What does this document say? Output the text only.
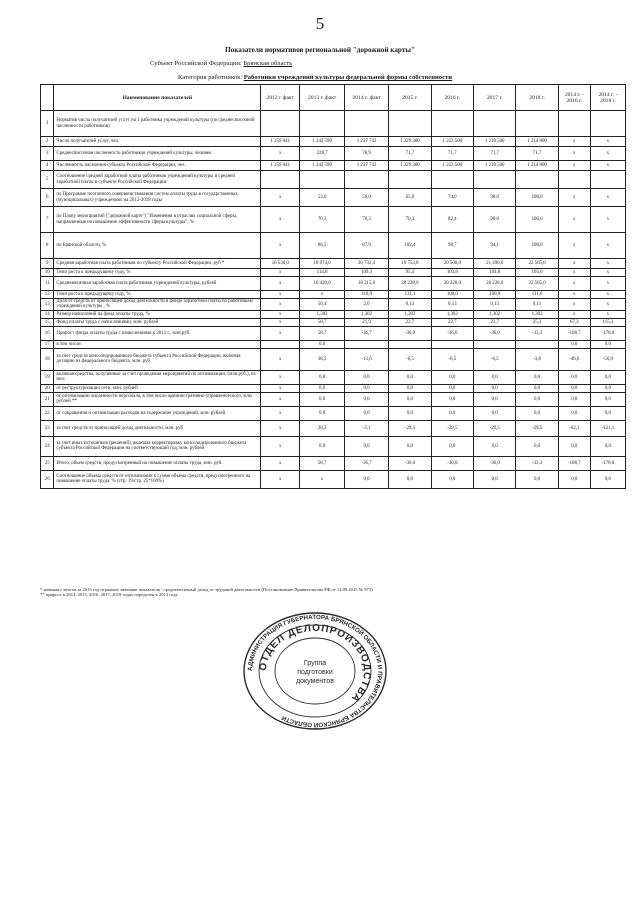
5
Показатели нормативов региональной "дорожной карты"
Субъект Российской Федерации: Брянская область
Категория работников: Работники учреждений культуры федеральной формы собственности
	Наименование показателей	2012 г факт	2013 г. факт	2014 г. факт	2015 г.	2016 г.	2017 г.	2018 г.	2014 г. - 2016 г.	2014 г. - 2018 г.
1	Норматив числа получателей услуг на 1 работника учреждений культуры (по среднесписочной численности работников)									
2	Число получателей услуг, чел.	1 259 041	1 242 599	1 237 742	1 229 300	1 223 500	1 218 500	1 214 800	х	х
3	Среднесписочная численность работников учреждений культуры, человек	х	228,7	76,9	71,7	71,7	71,7	71,7	х	х
4	Численность населения субъекта Российской Федерации, чел.	1 259 041	1 242 599	1 237 742	1 229 300	1 223 500	1 218 500	1 214 800	х	х
5	Соотношение средней заработной платы работников учреждений культуры и средней заработной платы в субъекте Российской Федерации:									
6	по Программе поэтапного совершенствования систем оплаты труда в государственных (муниципальных) учреждениях на 2012-2018 годы	х	53,0	59,0	65,0	74,0	90,0	100,0	х	х
7	по Плану мероприятий ("дорожной карте") "Изменения в отраслях социальной сферы, направленные на повышение эффективности сферы культуры", %	х	70,3	70,3	70,3	82,4	90,0	100,0	х	х
8	по Брянской области, %	х	86,5	87,9	102,4	98,7	94,1	100,0	х	х
9	Средняя заработная плата работников по субъекту Российской Федерации, руб *	16 530,0	18 974,0	20 732,4	19 753,8	20 500,0	21 490,0	22 565,0	х	х
10	Темп роста к предыдущему году, %	х	114,8	109,3	95,3	103,8	104,8	105,0	х	х
11	Среднемесячная заработная плата работников учреждений культуры, рублей	х	16 420,0	18 215,0	20 228,0	20 228,0	20 228,0	22 565,0	х	х
12	Темп роста к предыдущему году, %	х	х	110,9	111,1	100,0	100,0	111,6	х	х
13	Доля от средств от приносящей доход деятельности в фонде заработной платы по работникам учреждений культуры , %	х	50,4	2,0	0,13	0,13	0,13	0,11	х	х
14	Размер начислений на фонд оплаты труда, %	х	1,302	1,302	1,302	1,302	1,302	1,302	х	х
15	Фонд оплаты труда с начислениями, млн. рублей	х	58,7	21,9	22,7	22,7	22,7	25,3	67,3	115,3
16	Прирост фонда оплаты труда с начислениями к 2013 г., млн.руб.	х	58,7	-36,7	-36,0	-36,0	-36,0	-33,3	-108,7	-178,0
17	в том числе:		0,0						0,0	0,0
18	за счет средств консолидированного бюджета субъекта Российской Федерации, включая дотацию из федерального бюджета, млн. руб.	х	38,5	-13,6	-6,5	-6,5	-6,5	-3,8	-46,6	-56,9
19	включая средства, полученные за счет проведения мероприятий по оптимизации, (млн.руб.), из них:	х	0,0	0,0	0,0	0,0	0,0	0,0	0,0	0,0
20	от реструктуризации сети, млн. рублей	х	0,0	0,0	0,0	0,0	0,0	0,0	0,0	0,0
21	от оптимизации численности персонала, в том числе административно-управленческого, млн. рублей **	х	0,0	0,0	0,0	0,0	0,0	0,0	0,0	0,0
22	от сокращения и оптимизации расходов на содержание учреждений, млн. рублей	х	0,0	0,0	0,0	0,0	0,0	0,0	0,0	0,0
23	за счет средств от приносящей доход деятельности, млн. руб	х	20,2	-3,1	-29,5	-29,5	-29,5	-29,5	-62,1	-121,1
24	за счет иных источников (решений), включая корректировку консолидированного бюджета субъекта Российской Федерации на соответствующий год, млн. рублей	х	0,0	0,0	0,0	0,0	0,0	0,0	0,0	0,0
25	Итого, объем средств, предусмотренный на повышение оплаты труда, млн. руб.	х	58,7	-36,7	-36,0	-36,0	-36,0	-33,3	-108,7	-178,0
26	Соотношение объема средств от оптимизации к сумме объема средств, предусмотренного на повышение оплаты труда, % (стр. 19/стр. 25*100%)	х	х	0,0	0,0	0,0	0,0	0,0	0,0	0,0
* начиная с итогов за 2015 год отражено значение показателя - среднемесячный доход от трудовой деятельности (Постановление Правительства РФ от 14.09.2015 № 973)
** прирост в 2014, 2015, 2016, 2017, 2018 годах определен к 2013 году
АДМИНИСТРАЦИЯ ГУБЕРНАТОРА БРЯНСКОЙ ОБЛАСТИ И ПРАВИТЕЛЬСТВА БРЯНСКОЙ ОБЛАСТИ
ОТДЕЛ ДЕЛОПРОИЗВОДСТВА
Группа
подготовки
документов
